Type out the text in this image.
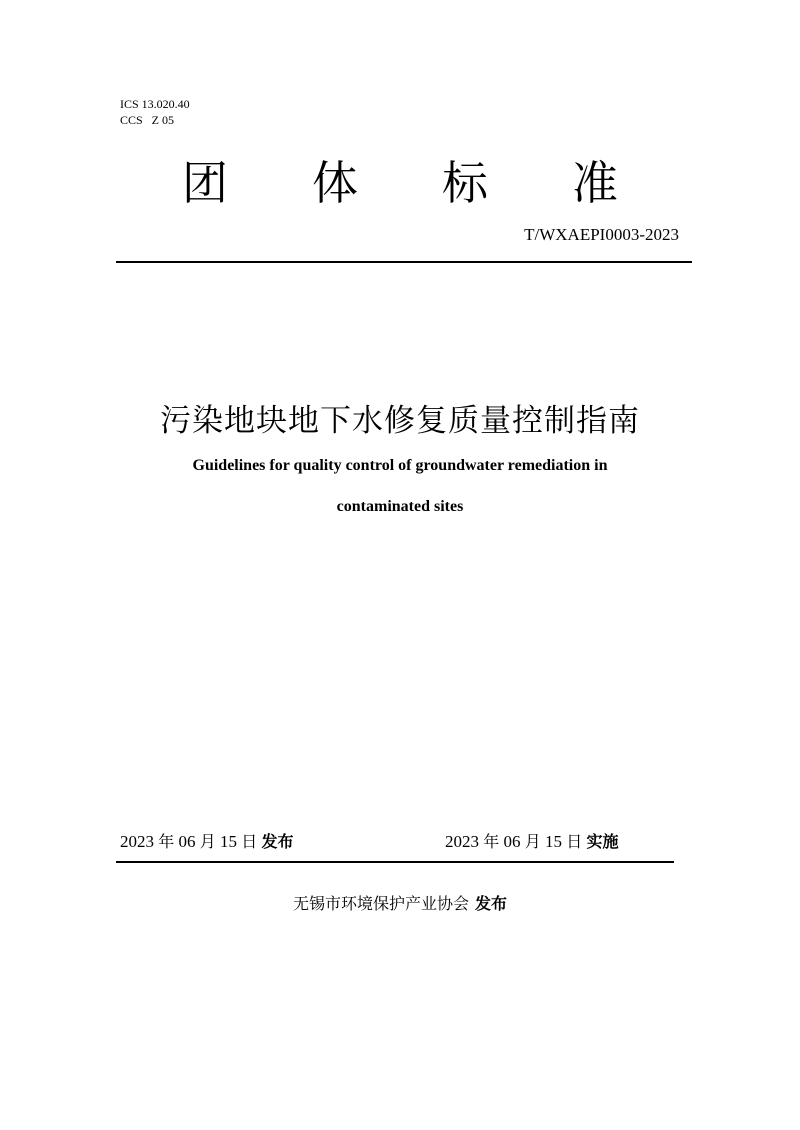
ICS 13.020.40
CCS   Z 05
团 体 标 准
T/WXAEPI0003-2023
污染地块地下水修复质量控制指南
Guidelines for quality control of groundwater remediation in
contaminated sites
2023 年 06 月 15 日 发布	2023 年 06 月 15 日 实施
无锡市环境保护产业协会 发布
